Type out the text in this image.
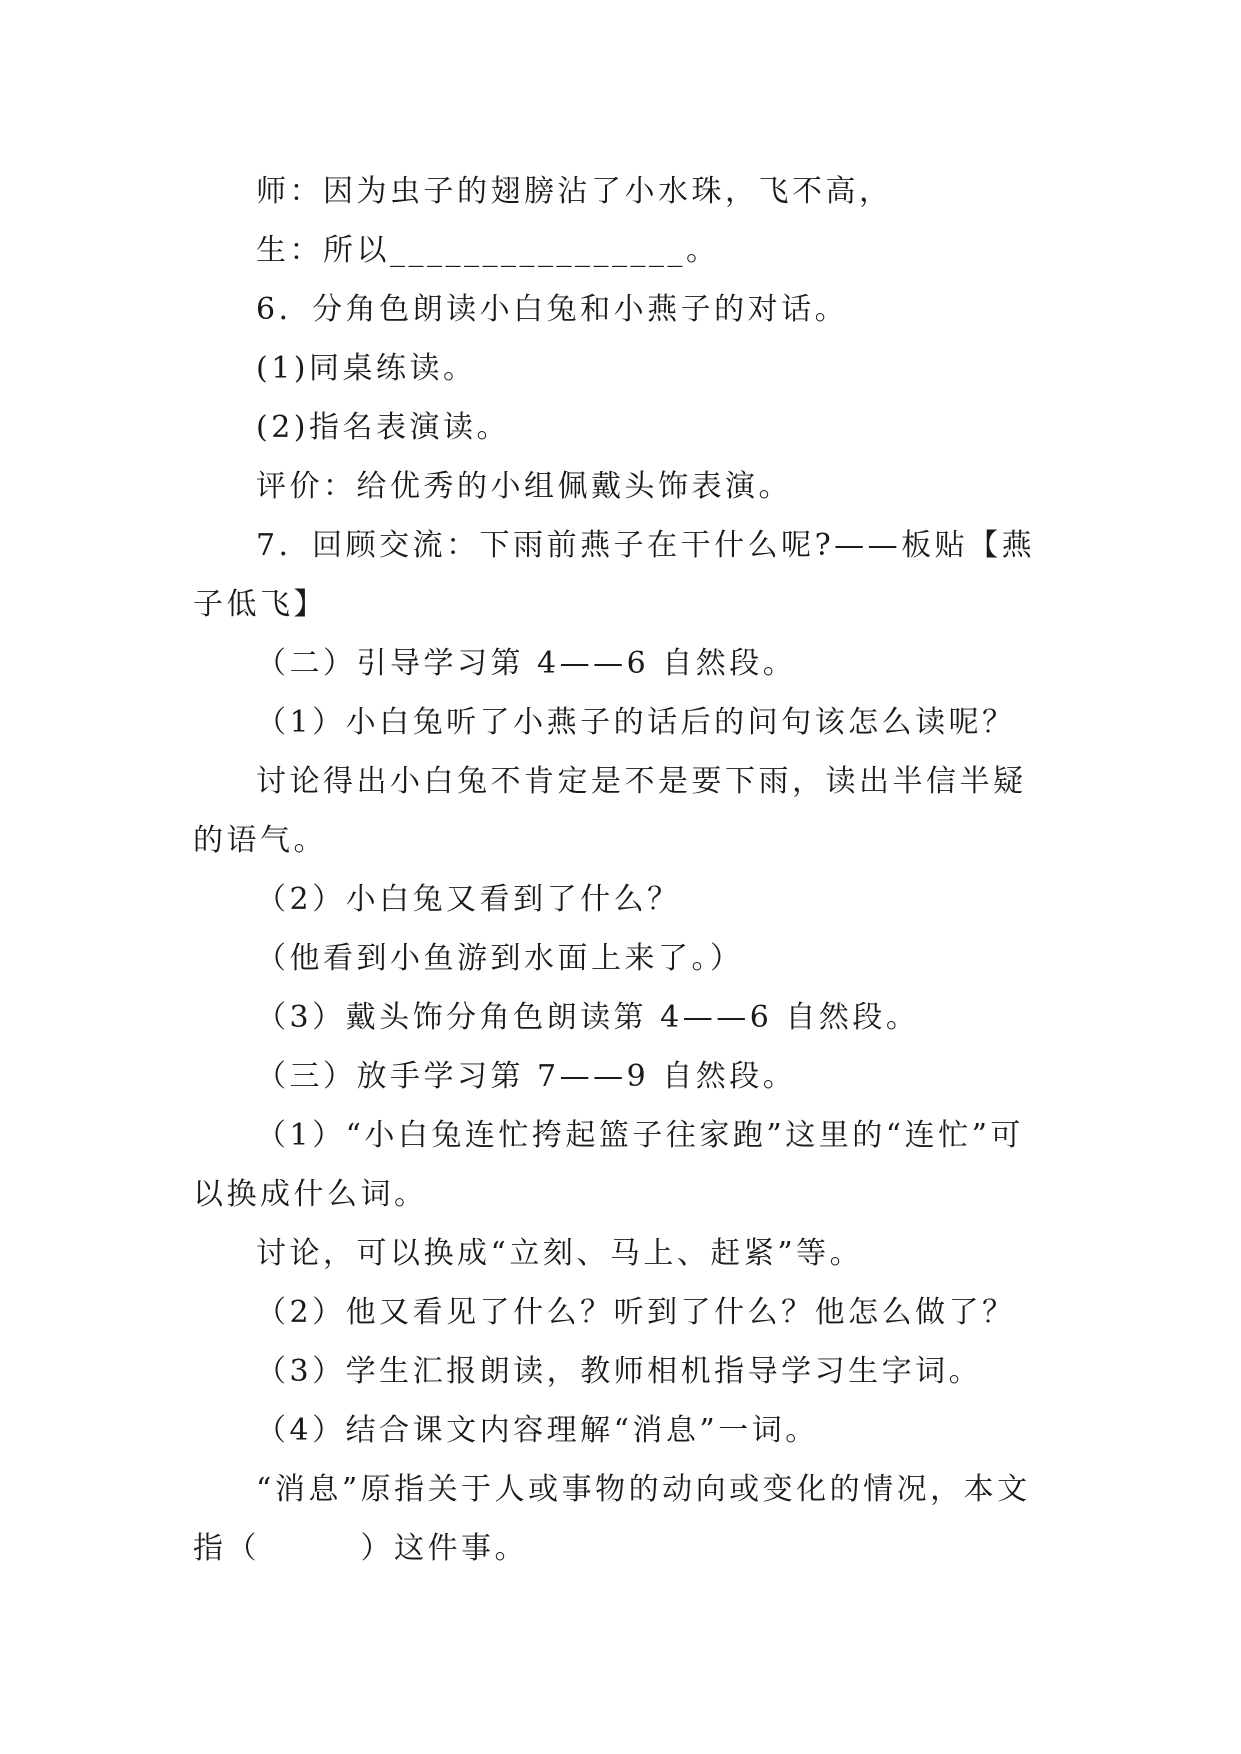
师：因为虫子的翅膀沾了小水珠，飞不高，

生：所以________________。

6．分角色朗读小白兔和小燕子的对话。

(1)同桌练读。

(2)指名表演读。

评价：给优秀的小组佩戴头饰表演。

7．回顾交流：下雨前燕子在干什么呢?——板贴【燕子低飞】

（二）引导学习第 4——6 自然段。

（1）小白兔听了小燕子的话后的问句该怎么读呢？

讨论得出小白兔不肯定是不是要下雨，读出半信半疑的语气。

（2）小白兔又看到了什么？

（他看到小鱼游到水面上来了。）

（3）戴头饰分角色朗读第 4——6 自然段。

（三）放手学习第 7——9 自然段。

（1）“小白兔连忙挎起篮子往家跑”这里的“连忙”可以换成什么词。

讨论，可以换成“立刻、马上、赶紧”等。

（2）他又看见了什么？听到了什么？他怎么做了？

（3）学生汇报朗读，教师相机指导学习生字词。

（4）结合课文内容理解“消息”一词。

“消息”原指关于人或事物的动向或变化的情况，本文指（　　　）这件事。
